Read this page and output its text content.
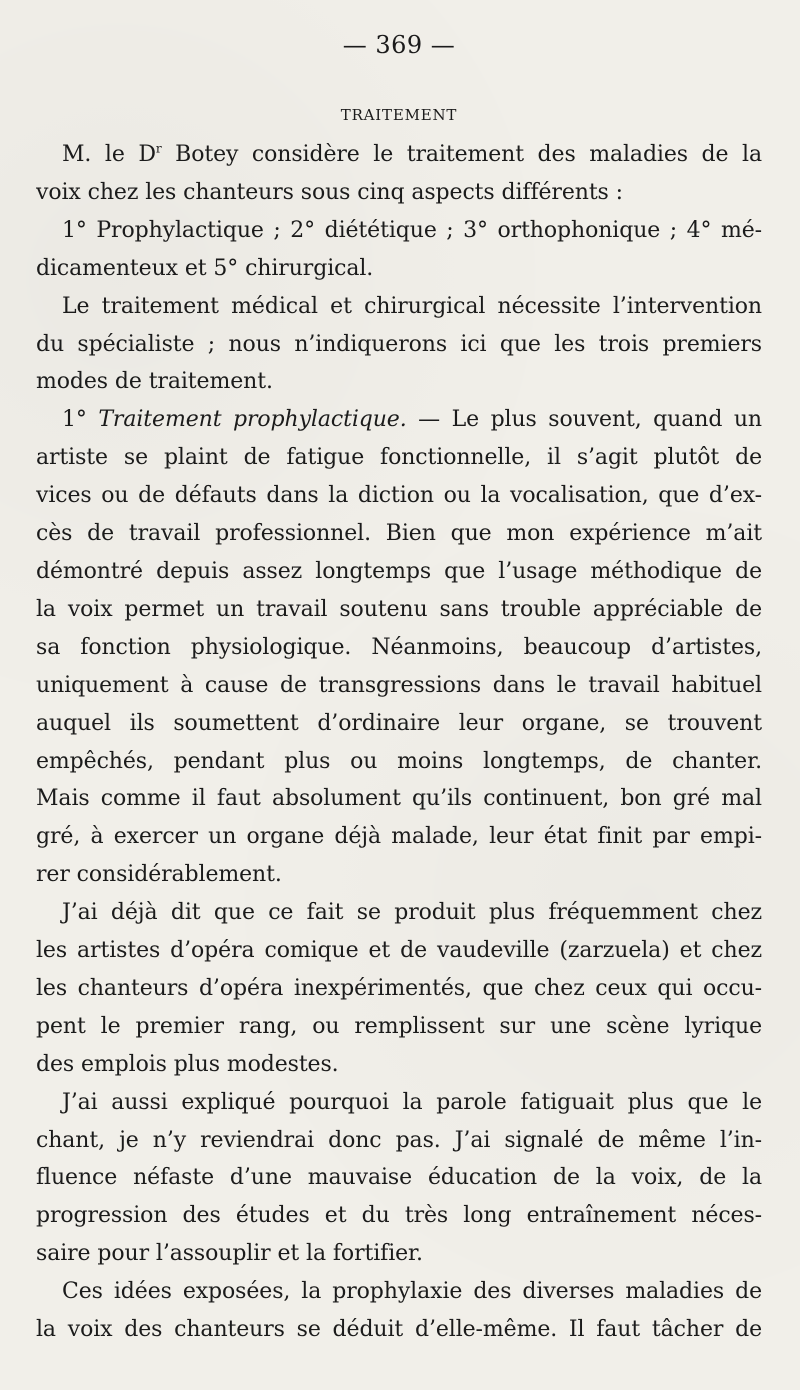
— 369 —
TRAITEMENT

M. le $D^r$ Botey considère le traitement des maladies de la
voix chez les chanteurs sous cinq aspects différents :

1° Prophylactique ; 2° diététique ; 3° orthophonique ; 4° mé-
dicamenteux et 5° chirurgical.

Le traitement médical et chirurgical nécessite l’intervention
du spécialiste ; nous n’indiquerons ici que les trois premiers
modes de traitement.

1° Traitement prophylactique. — Le plus souvent, quand un
artiste se plaint de fatigue fonctionnelle, il s’agit plutôt de
vices ou de défauts dans la diction ou la vocalisation, que d’ex-
cès de travail professionnel. Bien que mon expérience m’ait
démontré depuis assez longtemps que l’usage méthodique de
la voix permet un travail soutenu sans trouble appréciable de
sa fonction physiologique. Néanmoins, beaucoup d’artistes,
uniquement à cause de transgressions dans le travail habituel
auquel ils soumettent d’ordinaire leur organe, se trouvent
empêchés, pendant plus ou moins longtemps, de chanter.
Mais comme il faut absolument qu’ils continuent, bon gré mal
gré, à exercer un organe déjà malade, leur état finit par empi-
rer considérablement.

J’ai déjà dit que ce fait se produit plus fréquemment chez
les artistes d’opéra comique et de vaudeville (zarzuela) et chez
les chanteurs d’opéra inexpérimentés, que chez ceux qui occu-
pent le premier rang, ou remplissent sur une scène lyrique
des emplois plus modestes.

J’ai aussi expliqué pourquoi la parole fatiguait plus que le
chant, je n’y reviendrai donc pas. J’ai signalé de même l’in-
fluence néfaste d’une mauvaise éducation de la voix, de la
progression des études et du très long entraînement néces-
saire pour l’assouplir et la fortifier.

Ces idées exposées, la prophylaxie des diverses maladies de
la voix des chanteurs se déduit d’elle-même. Il faut tâcher de
